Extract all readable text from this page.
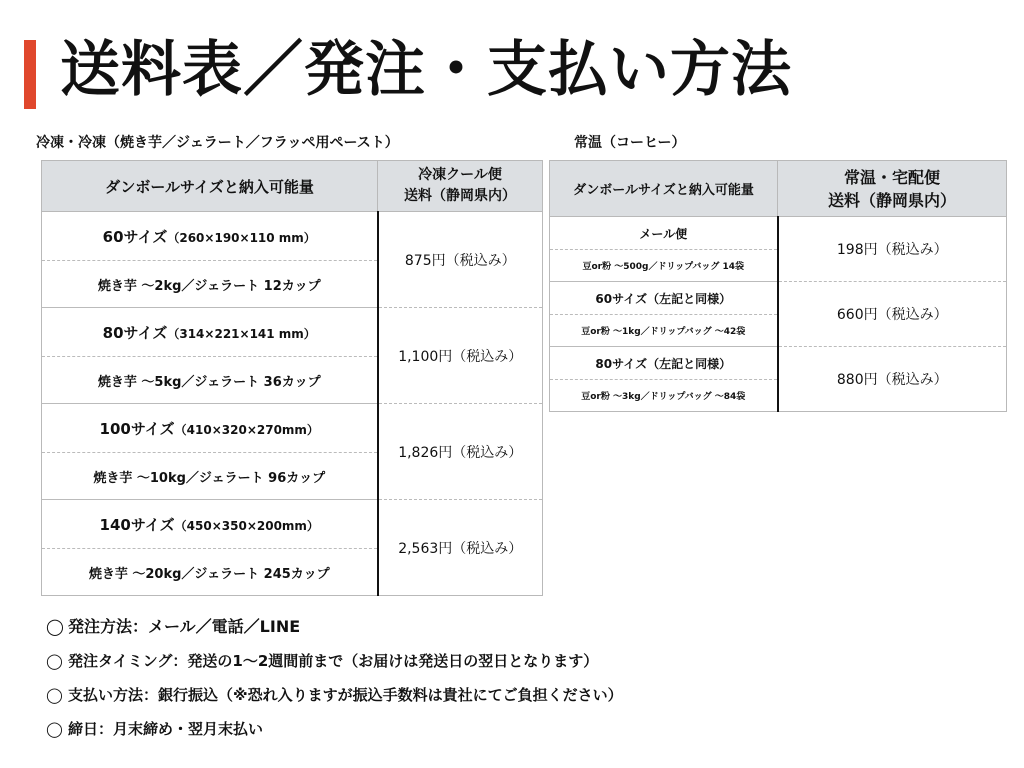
送料表／発注・支払い方法
冷凍・冷凍（焼き芋／ジェラート／フラッペ用ペースト）	常温（コーヒー）
ダンボールサイズと納入可能量	冷凍クール便
送料（静岡県内）
60サイズ（260×190×110 mm）	875円（税込み）
焼き芋 〜2kg／ジェラート 12カップ	
80サイズ（314×221×141 mm）	1,100円（税込み）
焼き芋 〜5kg／ジェラート 36カップ	
100サイズ（410×320×270mm）	1,826円（税込み）
焼き芋 〜10kg／ジェラート 96カップ	
140サイズ（450×350×200mm）	2,563円（税込み）
焼き芋 〜20kg／ジェラート 245カップ	
ダンボールサイズと納入可能量	常温・宅配便
送料（静岡県内）
メール便	198円（税込み）
豆or粉 〜500g／ドリップバッグ 14袋	
60サイズ（左記と同様）	660円（税込み）
豆or粉 〜1kg／ドリップバッグ 〜42袋	
80サイズ（左記と同様）	880円（税込み）
豆or粉 〜3kg／ドリップバッグ 〜84袋	
◯ 発注方法：メール／電話／LINE
◯ 発注タイミング：発送の1〜2週間前まで（お届けは発送日の翌日となります）
◯ 支払い方法：銀行振込（※恐れ入りますが振込手数料は貴社にてご負担ください）
◯ 締日：月末締め・翌月末払い
